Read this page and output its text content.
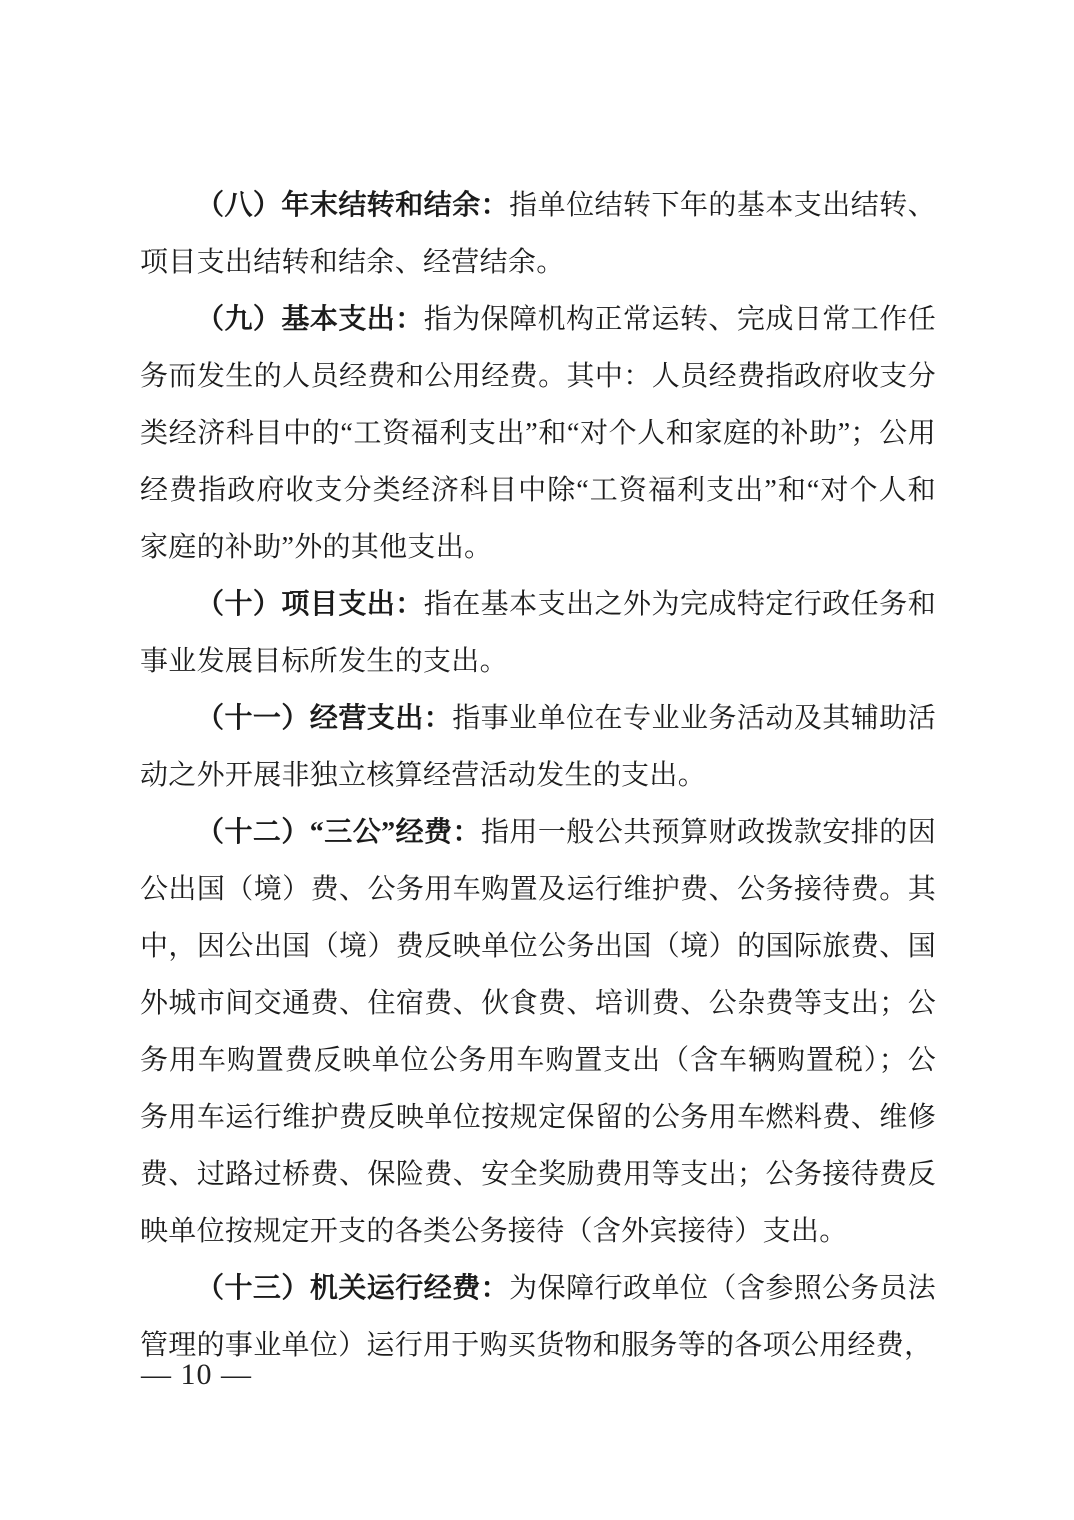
（八）年末结转和结余：指单位结转下年的基本支出结转、项目支出结转和结余、经营结余。

（九）基本支出：指为保障机构正常运转、完成日常工作任务而发生的人员经费和公用经费。其中：人员经费指政府收支分类经济科目中的“工资福利支出”和“对个人和家庭的补助”；公用经费指政府收支分类经济科目中除“工资福利支出”和“对个人和家庭的补助”外的其他支出。

（十）项目支出：指在基本支出之外为完成特定行政任务和事业发展目标所发生的支出。

（十一）经营支出：指事业单位在专业业务活动及其辅助活动之外开展非独立核算经营活动发生的支出。

（十二）“三公”经费：指用一般公共预算财政拨款安排的因公出国（境）费、公务用车购置及运行维护费、公务接待费。其中，因公出国（境）费反映单位公务出国（境）的国际旅费、国外城市间交通费、住宿费、伙食费、培训费、公杂费等支出；公务用车购置费反映单位公务用车购置支出（含车辆购置税）；公务用车运行维护费反映单位按规定保留的公务用车燃料费、维修费、过路过桥费、保险费、安全奖励费用等支出；公务接待费反映单位按规定开支的各类公务接待（含外宾接待）支出。

（十三）机关运行经费：为保障行政单位（含参照公务员法管理的事业单位）运行用于购买货物和服务等的各项公用经费，

— 10 —
